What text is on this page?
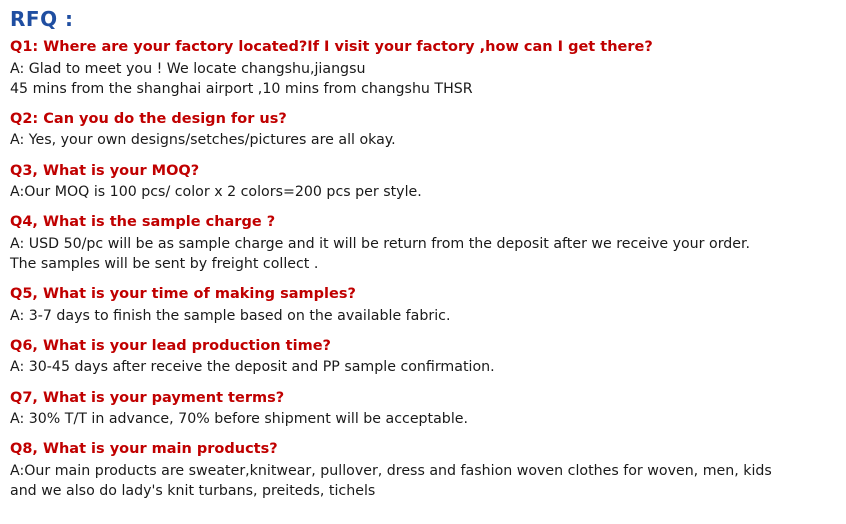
RFQ :
Q1: Where are your factory located?If I visit your factory ,how can I get there?
A: Glad to meet you ! We locate changshu,jiangsu
45 mins from the shanghai airport ,10 mins from changshu THSR
Q2: Can you do the design for us?
A: Yes, your own designs/setches/pictures are all okay.
Q3, What is your MOQ?
A:Our MOQ is 100 pcs/ color x 2 colors=200 pcs per style.
Q4, What is the sample charge ?
A: USD 50/pc will be as sample charge and it will be return from the deposit after we receive your order.
The samples will be sent by freight collect .
Q5, What is your time of making samples?
A: 3-7 days to finish the sample based on the available fabric.
Q6, What is your lead production time?
A: 30-45 days after receive the deposit and PP sample confirmation.
Q7, What is your payment terms?
A: 30% T/T in advance, 70% before shipment will be acceptable.
Q8, What is your main products?
A:Our main products are sweater,knitwear, pullover, dress and fashion woven clothes for woven, men, kids
and we also do lady's knit turbans, preiteds, tichels
